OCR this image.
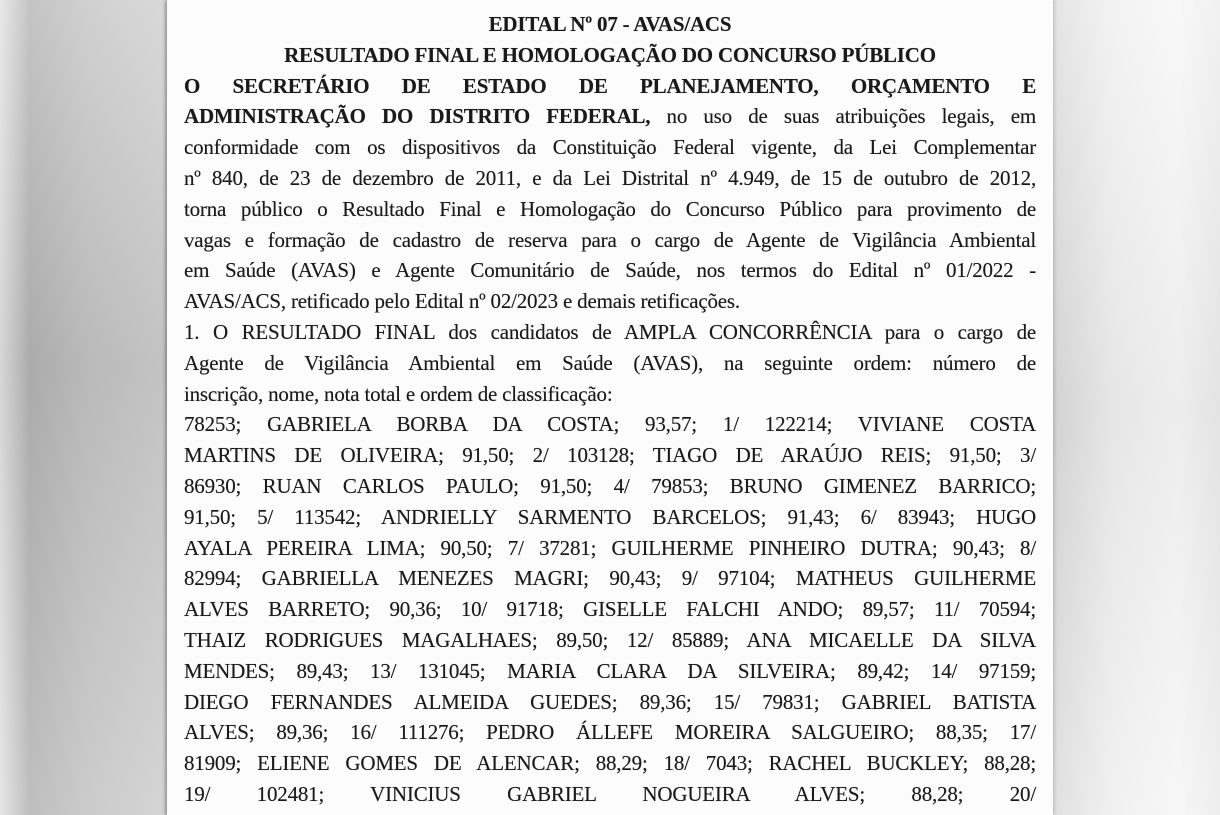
EDITAL Nº 07 - AVAS/ACS
RESULTADO FINAL E HOMOLOGAÇÃO DO CONCURSO PÚBLICO
O SECRETÁRIO DE ESTADO DE PLANEJAMENTO, ORÇAMENTO E
ADMINISTRAÇÃO DO DISTRITO FEDERAL, no uso de suas atribuições legais, em
conformidade com os dispositivos da Constituição Federal vigente, da Lei Complementar
nº 840, de 23 de dezembro de 2011, e da Lei Distrital nº 4.949, de 15 de outubro de 2012,
torna público o Resultado Final e Homologação do Concurso Público para provimento de
vagas e formação de cadastro de reserva para o cargo de Agente de Vigilância Ambiental
em Saúde (AVAS) e Agente Comunitário de Saúde, nos termos do Edital nº 01/2022 -
AVAS/ACS, retificado pelo Edital nº 02/2023 e demais retificações.
1. O RESULTADO FINAL dos candidatos de AMPLA CONCORRÊNCIA para o cargo de
Agente de Vigilância Ambiental em Saúde (AVAS), na seguinte ordem: número de
inscrição, nome, nota total e ordem de classificação:
78253; GABRIELA BORBA DA COSTA; 93,57; 1/ 122214; VIVIANE COSTA
MARTINS DE OLIVEIRA; 91,50; 2/ 103128; TIAGO DE ARAÚJO REIS; 91,50; 3/
86930; RUAN CARLOS PAULO; 91,50; 4/ 79853; BRUNO GIMENEZ BARRICO;
91,50; 5/ 113542; ANDRIELLY SARMENTO BARCELOS; 91,43; 6/ 83943; HUGO
AYALA PEREIRA LIMA; 90,50; 7/ 37281; GUILHERME PINHEIRO DUTRA; 90,43; 8/
82994; GABRIELLA MENEZES MAGRI; 90,43; 9/ 97104; MATHEUS GUILHERME
ALVES BARRETO; 90,36; 10/ 91718; GISELLE FALCHI ANDO; 89,57; 11/ 70594;
THAIZ RODRIGUES MAGALHAES; 89,50; 12/ 85889; ANA MICAELLE DA SILVA
MENDES; 89,43; 13/ 131045; MARIA CLARA DA SILVEIRA; 89,42; 14/ 97159;
DIEGO FERNANDES ALMEIDA GUEDES; 89,36; 15/ 79831; GABRIEL BATISTA
ALVES; 89,36; 16/ 111276; PEDRO ÁLLEFE MOREIRA SALGUEIRO; 88,35; 17/
81909; ELIENE GOMES DE ALENCAR; 88,29; 18/ 7043; RACHEL BUCKLEY; 88,28;
19/ 102481; VINICIUS GABRIEL NOGUEIRA ALVES; 88,28; 20/
